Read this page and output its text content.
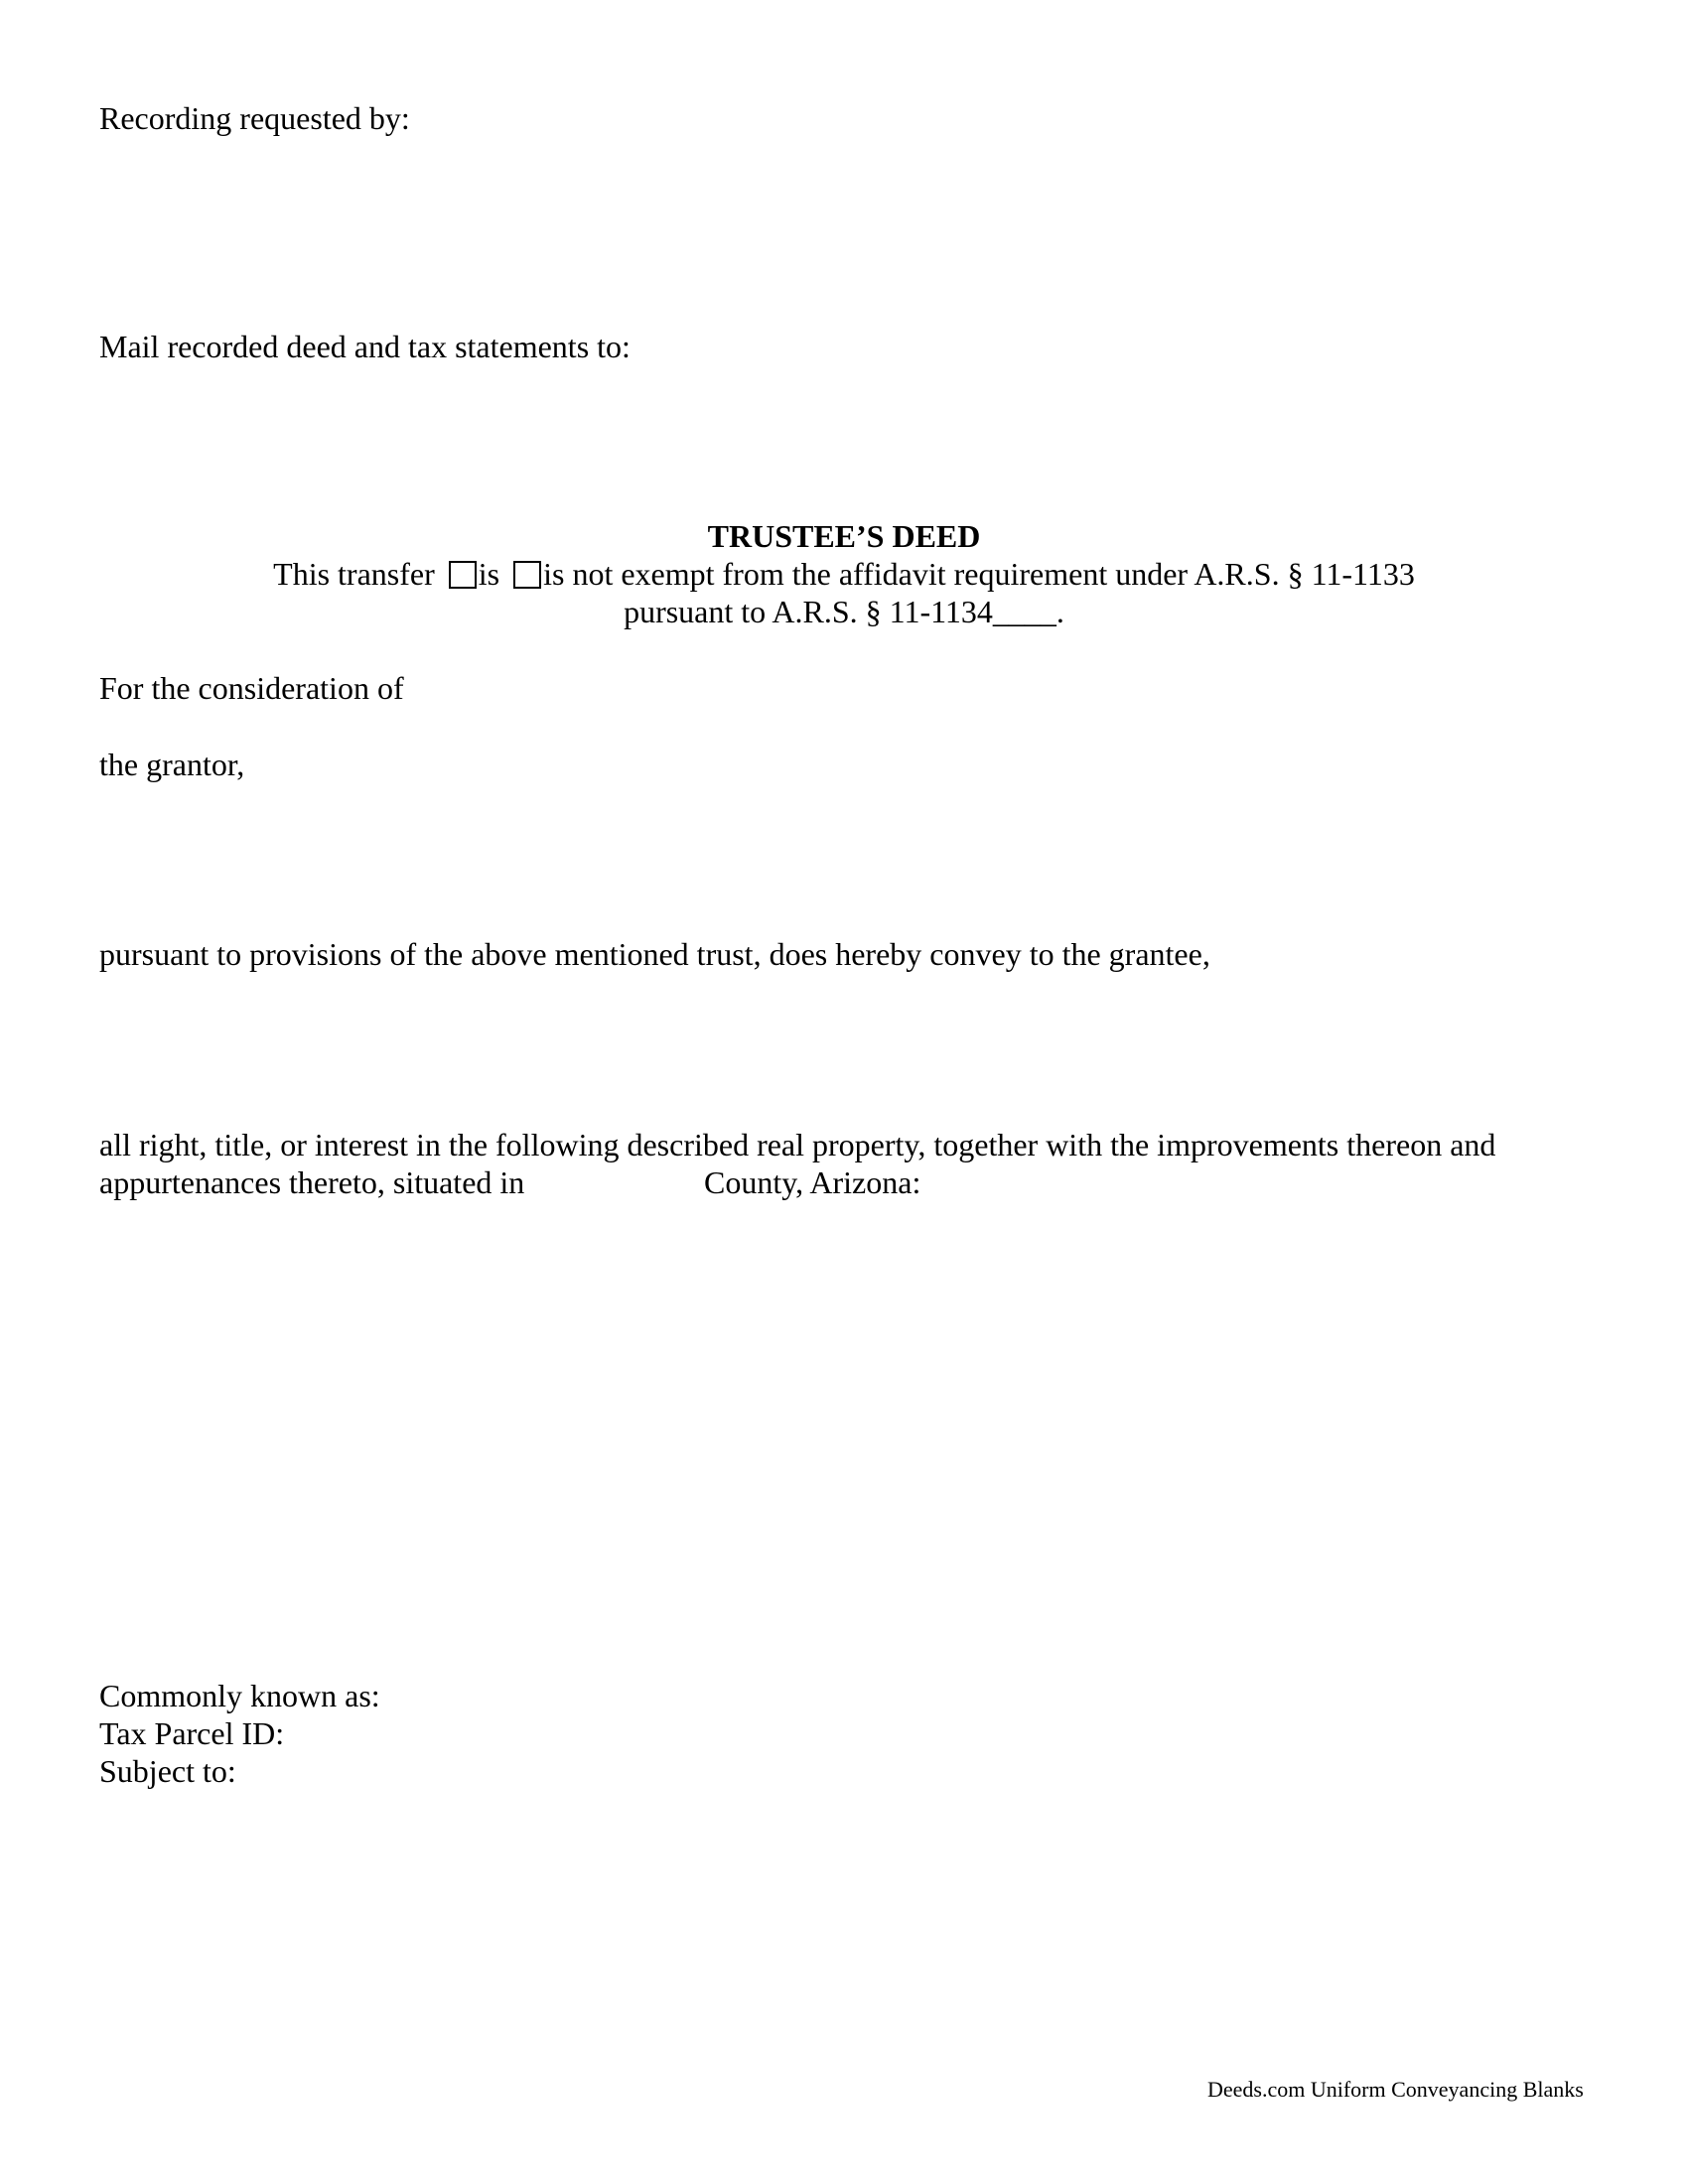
Recording requested by:

Mail recorded deed and tax statements to:

TRUSTEE’S DEED

This transfer is is not exempt from the affidavit requirement under A.R.S. § 11-1133
pursuant to A.R.S. § 11-1134____.

For the consideration of

the grantor,

pursuant to provisions of the above mentioned trust, does hereby convey to the grantee,

all right, title, or interest in the following described real property, together with the improvements thereon and

appurtenances thereto, situated in	County, Arizona:

Commonly known as:

Tax Parcel ID:

Subject to:

Deeds.com Uniform Conveyancing Blanks
